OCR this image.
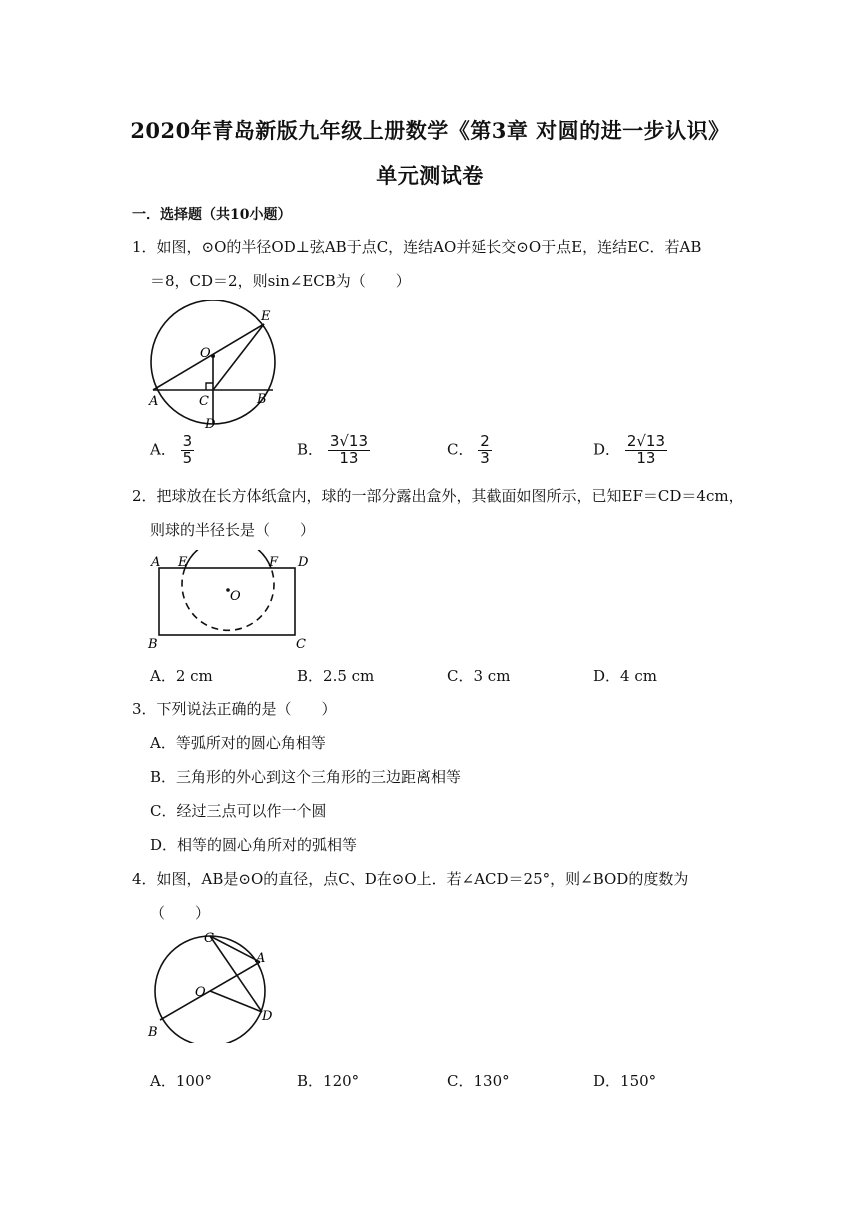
2020年青岛新版九年级上册数学《第3章 对圆的进一步认识》
单元测试卷
一．选择题（共10小题）
1．如图，⊙O的半径OD⊥弦AB于点C，连结AO并延长交⊙O于点E，连结EC．若AB
＝8，CD＝2，则sin∠ECB为（　　）
E
O
A	C	B
D
A． $\frac{3}{5}$	B． $\frac{3√13}{13}$	C． $\frac{2}{3}$	D． $\frac{2√13}{13}$
2．把球放在长方体纸盒内，球的一部分露出盒外，其截面如图所示，已知EF＝CD＝4cm，
则球的半径长是（　　）
A E	F D
O
B	C
A．2 cm	B．2.5 cm	C．3 cm	D．4 cm
3．下列说法正确的是（　　）
A．等弧所对的圆心角相等
B．三角形的外心到这个三角形的三边距离相等
C．经过三点可以作一个圆
D．相等的圆心角所对的弧相等
4．如图，AB是⊙O的直径，点C、D在⊙O上．若∠ACD＝25°，则∠BOD的度数为
（　　）
C
A
O
D
B
A．100°	B．120°	C．130°	D．150°
